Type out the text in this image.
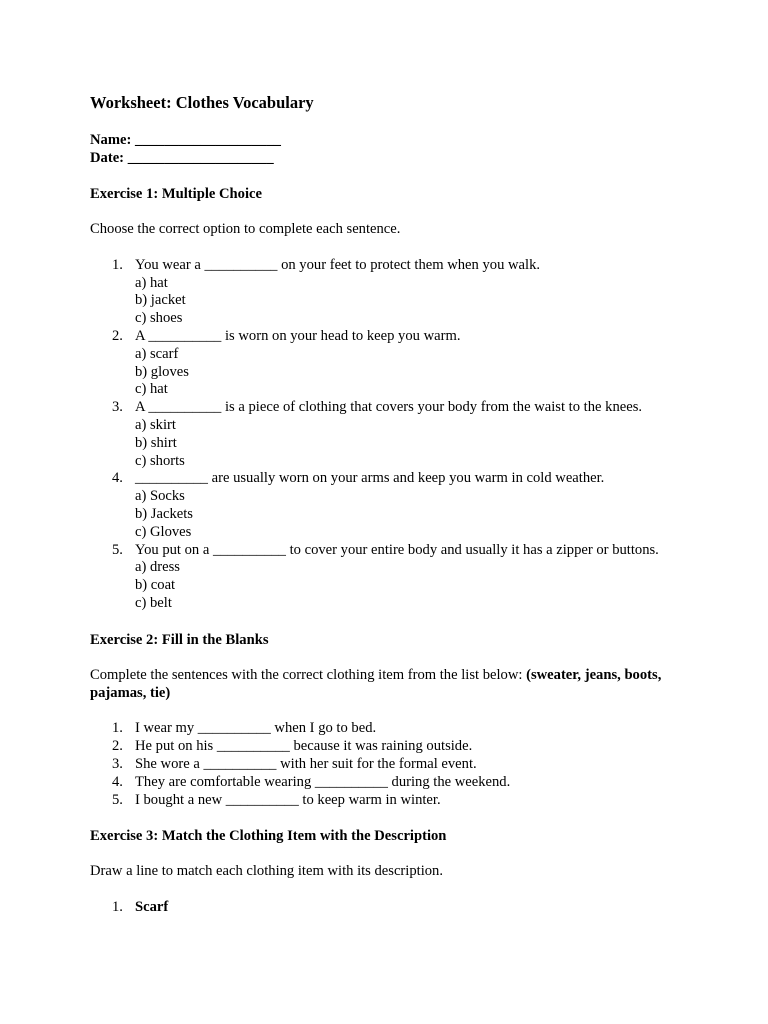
Worksheet: Clothes Vocabulary
Name: ____________________
Date: ____________________
Exercise 1: Multiple Choice

Choose the correct option to complete each sentence.

1. You wear a __________ on your feet to protect them when you walk.
a) hat
b) jacket
c) shoes
2. A __________ is worn on your head to keep you warm.
a) scarf
b) gloves
c) hat
3. A __________ is a piece of clothing that covers your body from the waist to the knees.
a) skirt
b) shirt
c) shorts
4. __________ are usually worn on your arms and keep you warm in cold weather.
a) Socks
b) Jackets
c) Gloves
5. You put on a __________ to cover your entire body and usually it has a zipper or buttons.
a) dress
b) coat
c) belt
Exercise 2: Fill in the Blanks

Complete the sentences with the correct clothing item from the list below: (sweater, jeans, boots, pajamas, tie)

1. I wear my __________ when I go to bed.
2. He put on his __________ because it was raining outside.
3. She wore a __________ with her suit for the formal event.
4. They are comfortable wearing __________ during the weekend.
5. I bought a new __________ to keep warm in winter.
Exercise 3: Match the Clothing Item with the Description

Draw a line to match each clothing item with its description.

1. Scarf
